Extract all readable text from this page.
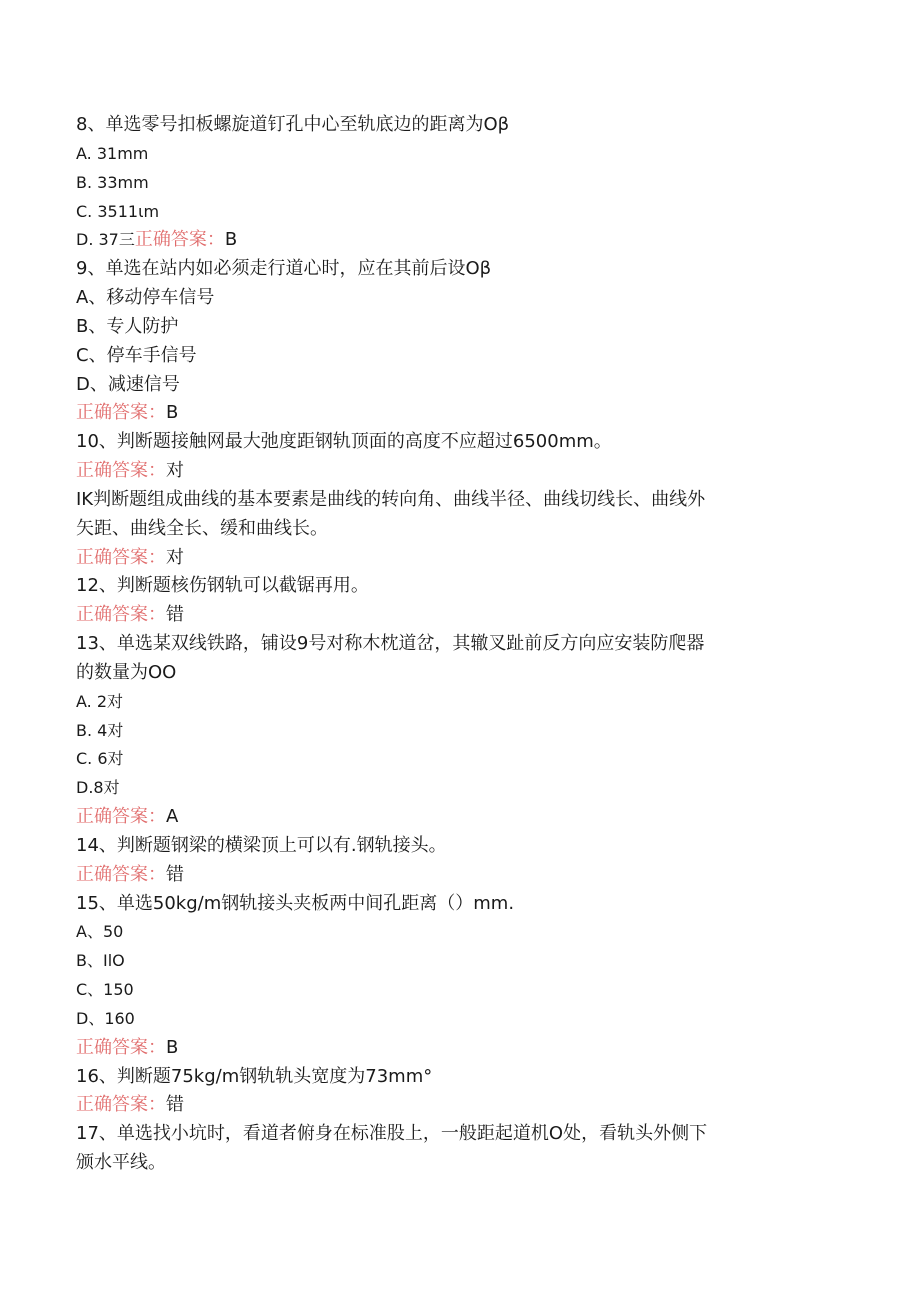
8、单选零号扣板螺旋道钉孔中心至轨底边的距离为Oβ
A. 31mm
B. 33mm
C. 3511ιm
D. 37三正确答案：B
9、单选在站内如必须走行道心时，应在其前后设Oβ
A、移动停车信号
B、专人防护
C、停车手信号
D、减速信号
正确答案：B
10、判断题接触网最大弛度距钢轨顶面的高度不应超过6500mm。
正确答案：对
IK判断题组成曲线的基本要素是曲线的转向角、曲线半径、曲线切线长、曲线外
矢距、曲线全长、缓和曲线长。
正确答案：对
12、判断题核伤钢轨可以截锯再用。
正确答案：错
13、单选某双线铁路，铺设9号对称木枕道岔，其辙叉趾前反方向应安装防爬器
的数量为OO
A. 2对
B. 4对
C. 6对
D.8对
正确答案：A
14、判断题钢梁的横梁顶上可以有.钢轨接头。
正确答案：错
15、单选50kg∕m钢轨接头夹板两中间孔距离（）mm.
A、50
B、IlO
C、150
D、160
正确答案：B
16、判断题75kg∕m钢轨轨头宽度为73mm°
正确答案：错
17、单选找小坑时，看道者俯身在标准股上，一般距起道机O处，看轨头外侧下
颁水平线。
